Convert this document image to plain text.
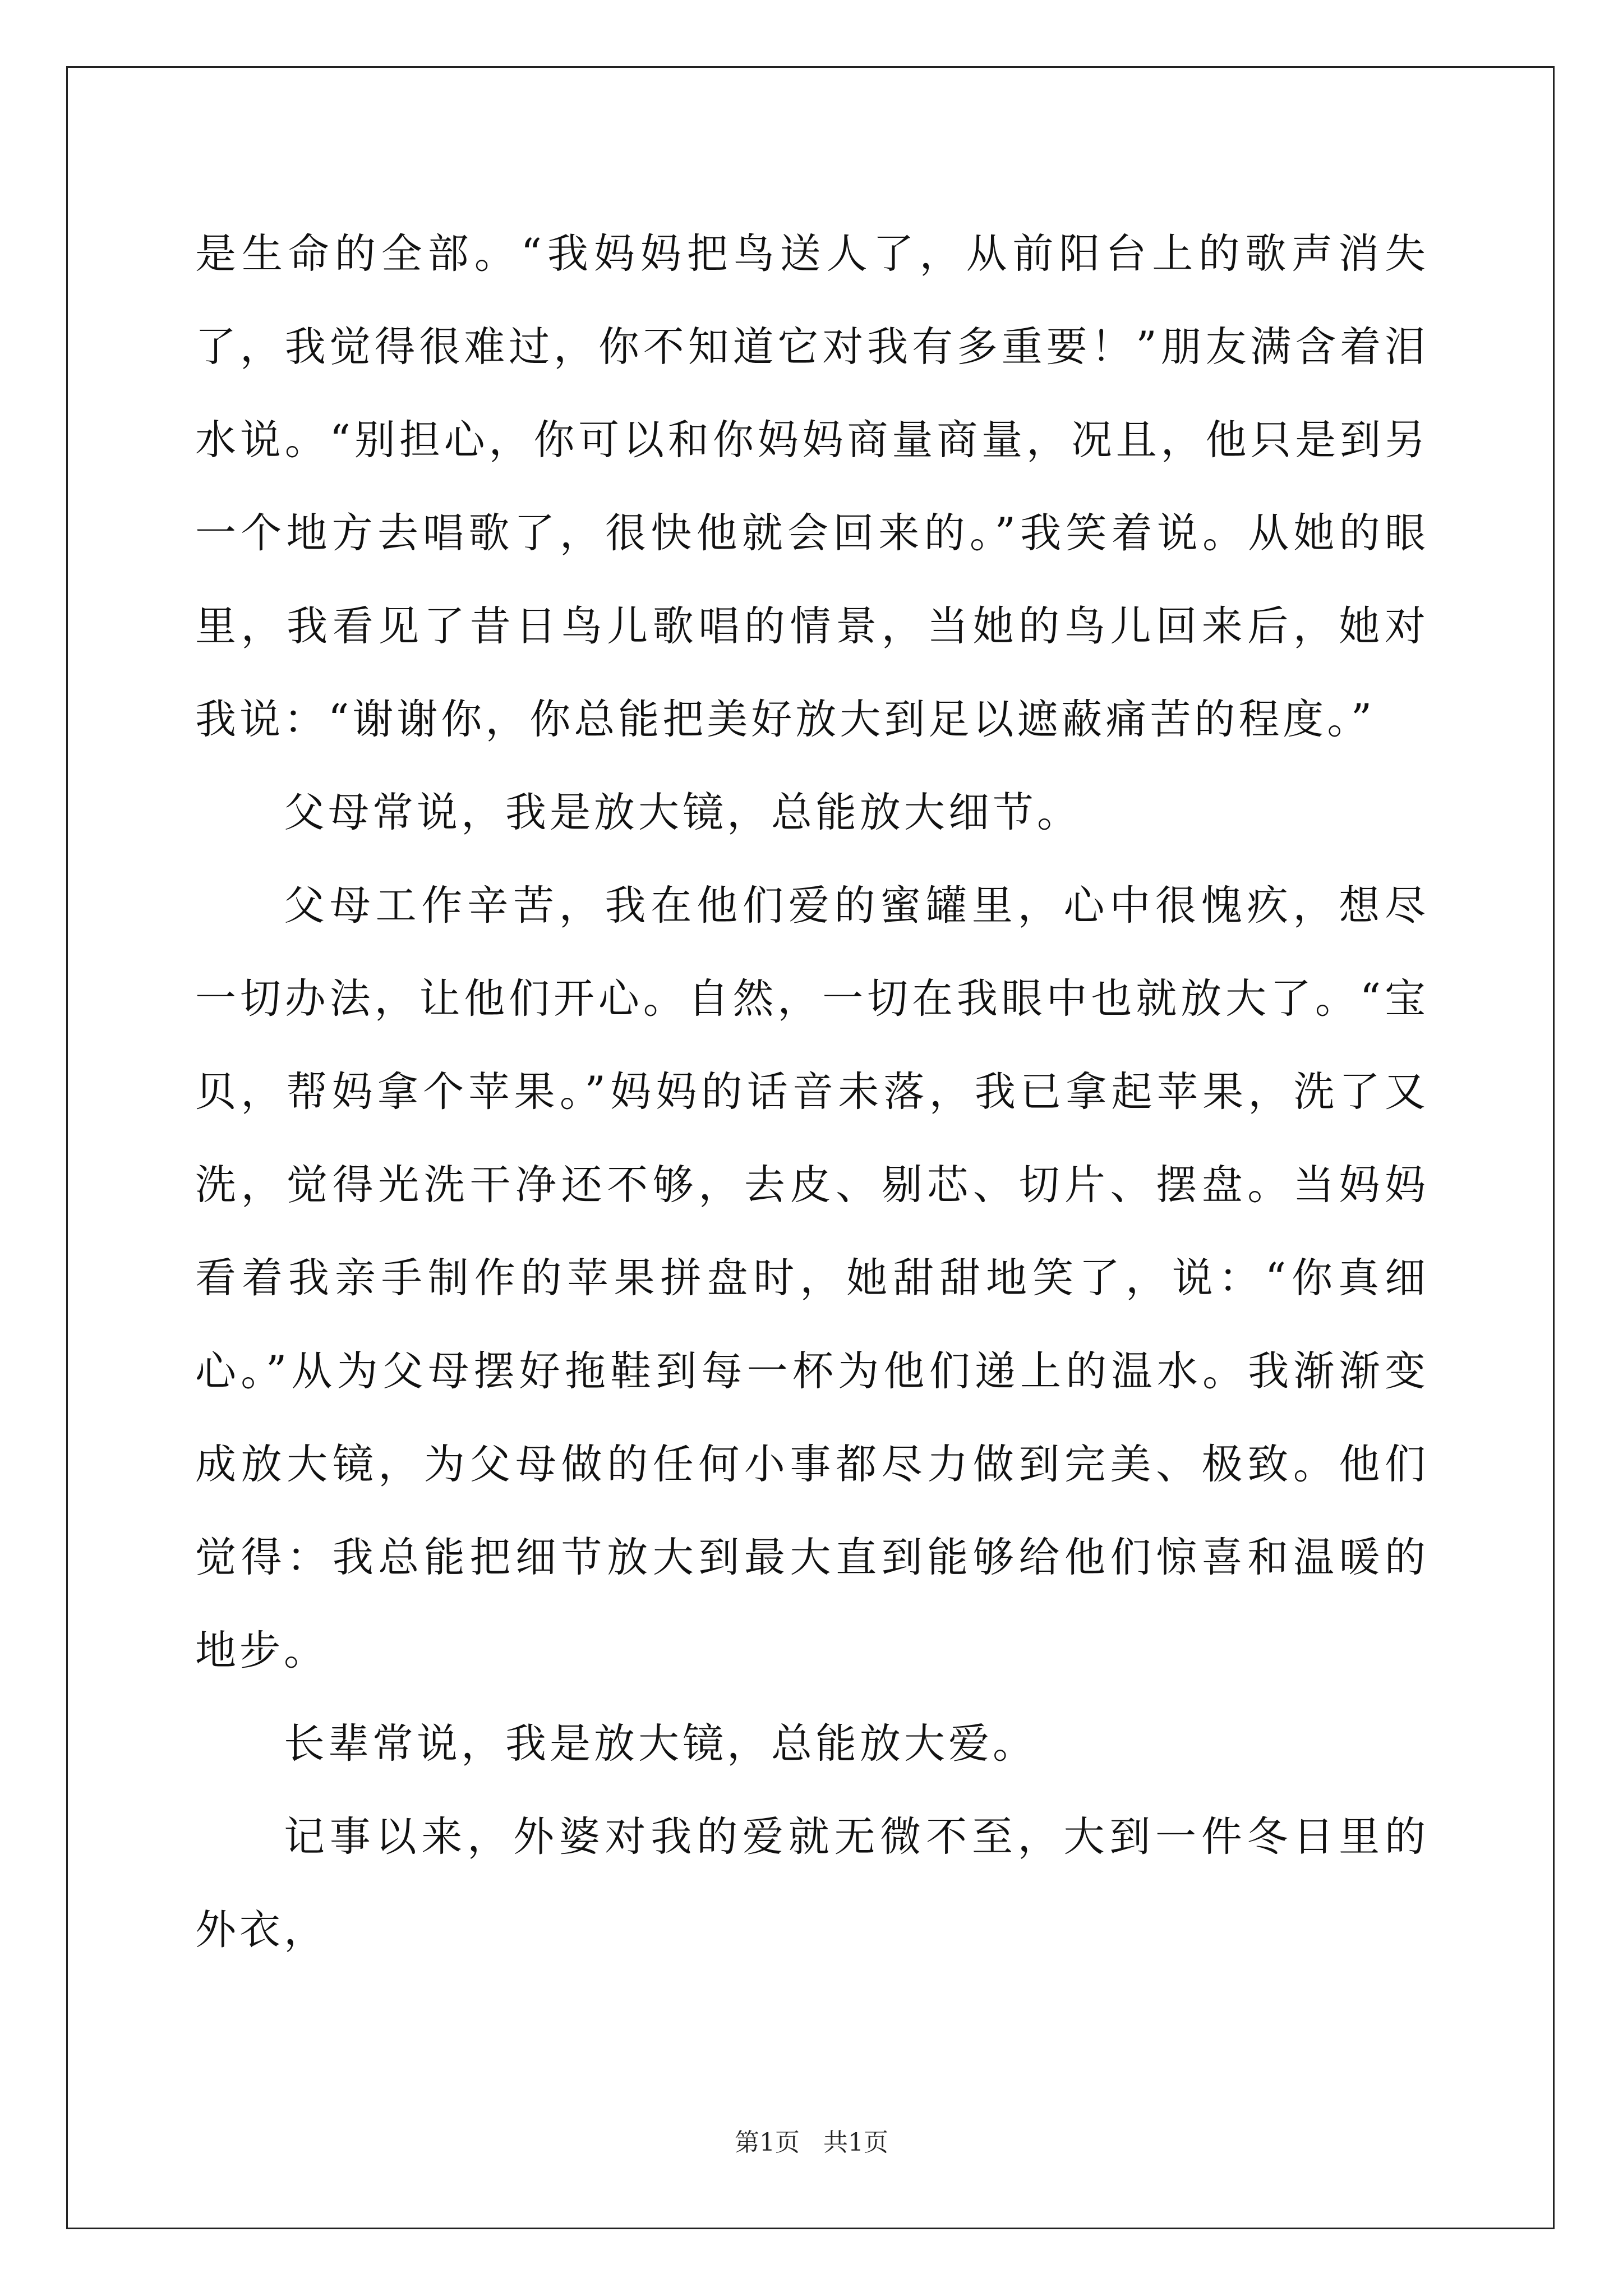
是生命的全部。“我妈妈把鸟送人了，从前阳台上的歌声消失了，我觉得很难过，你不知道它对我有多重要！”朋友满含着泪水说。“别担心，你可以和你妈妈商量商量，况且，他只是到另一个地方去唱歌了，很快他就会回来的。”我笑着说。从她的眼里，我看见了昔日鸟儿歌唱的情景，当她的鸟儿回来后，她对我说：“谢谢你，你总能把美好放大到足以遮蔽痛苦的程度。”

父母常说，我是放大镜，总能放大细节。

父母工作辛苦，我在他们爱的蜜罐里，心中很愧疚，想尽一切办法，让他们开心。自然，一切在我眼中也就放大了。“宝贝，帮妈拿个苹果。”妈妈的话音未落，我已拿起苹果，洗了又洗，觉得光洗干净还不够，去皮、剔芯、切片、摆盘。当妈妈看着我亲手制作的苹果拼盘时，她甜甜地笑了，说：“你真细心。”从为父母摆好拖鞋到每一杯为他们递上的温水。我渐渐变成放大镜，为父母做的任何小事都尽力做到完美、极致。他们觉得：我总能把细节放大到最大直到能够给他们惊喜和温暖的地步。

长辈常说，我是放大镜，总能放大爱。

记事以来，外婆对我的爱就无微不至，大到一件冬日里的外衣，

第1页 共1页
